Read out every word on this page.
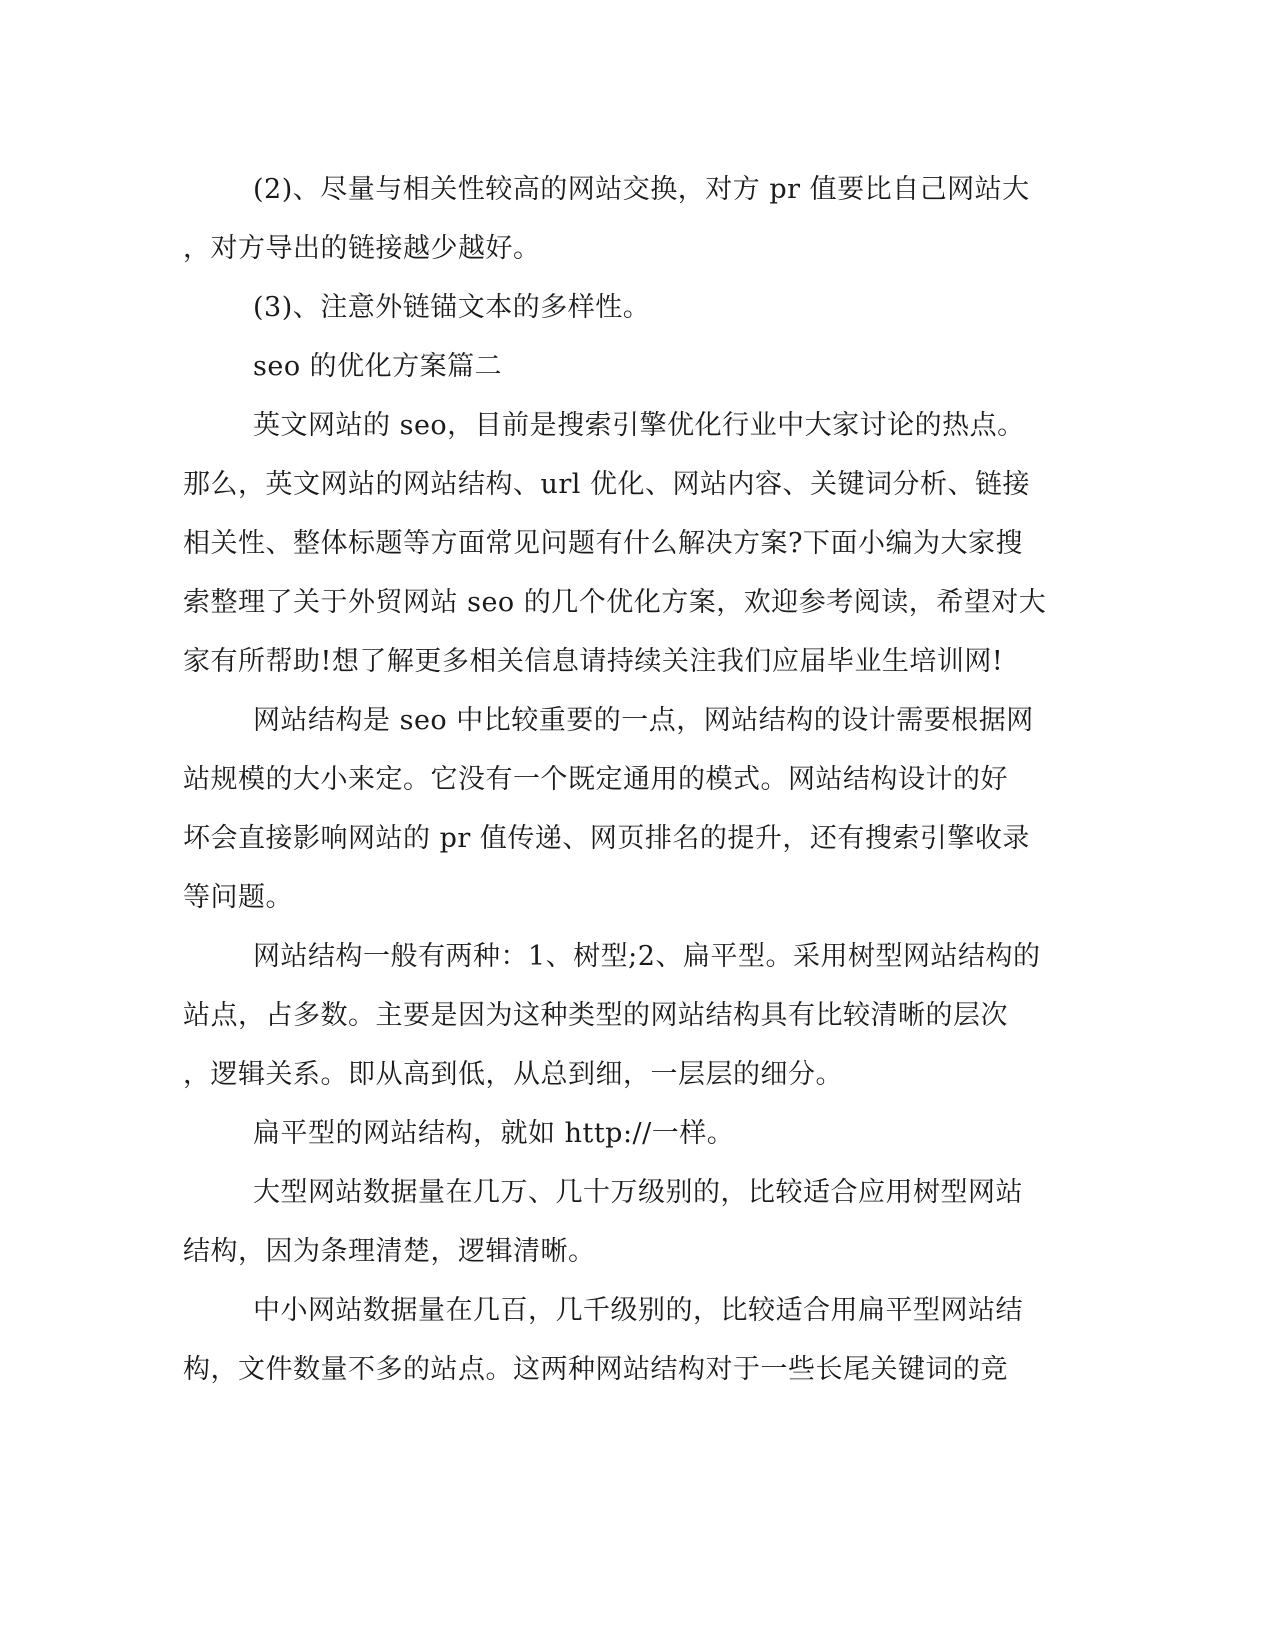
(2)、尽量与相关性较高的网站交换，对方 pr 值要比自己网站大
，对方导出的链接越少越好。
(3)、注意外链锚文本的多样性。
seo 的优化方案篇二
英文网站的 seo，目前是搜索引擎优化行业中大家讨论的热点。
那么，英文网站的网站结构、url 优化、网站内容、关键词分析、链接
相关性、整体标题等方面常见问题有什么解决方案?下面小编为大家搜
索整理了关于外贸网站 seo 的几个优化方案，欢迎参考阅读，希望对大
家有所帮助!想了解更多相关信息请持续关注我们应届毕业生培训网!
网站结构是 seo 中比较重要的一点，网站结构的设计需要根据网
站规模的大小来定。它没有一个既定通用的模式。网站结构设计的好
坏会直接影响网站的 pr 值传递、网页排名的提升，还有搜索引擎收录
等问题。
网站结构一般有两种：1、树型;2、扁平型。采用树型网站结构的
站点，占多数。主要是因为这种类型的网站结构具有比较清晰的层次
，逻辑关系。即从高到低，从总到细，一层层的细分。
扁平型的网站结构，就如 http://一样。
大型网站数据量在几万、几十万级别的，比较适合应用树型网站
结构，因为条理清楚，逻辑清晰。
中小网站数据量在几百，几千级别的，比较适合用扁平型网站结
构，文件数量不多的站点。这两种网站结构对于一些长尾关键词的竞
